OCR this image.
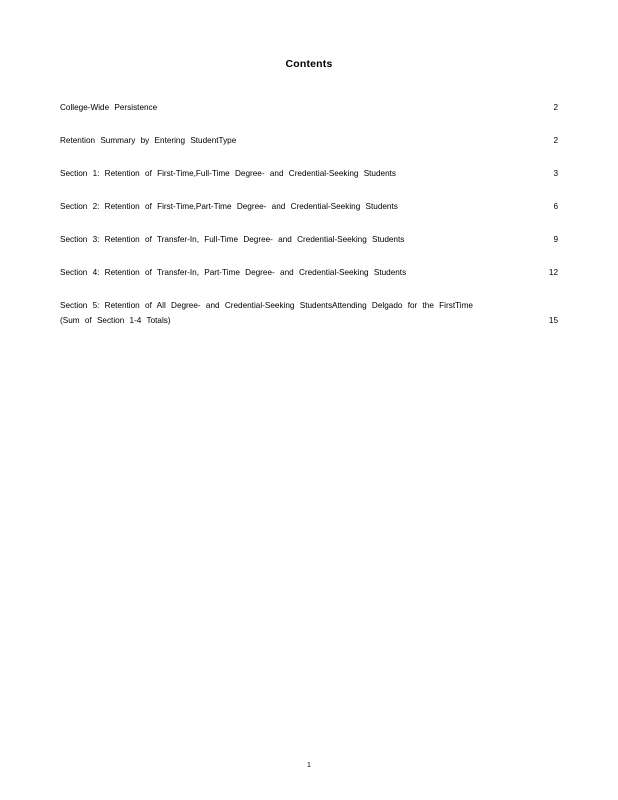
Contents
College-Wide Persistence	2
Retention Summary by Entering StudentType	2
Section 1: Retention of First-Time,Full-Time Degree- and Credential-Seeking Students	3
Section 2: Retention of First-Time,Part-Time Degree- and Credential-Seeking Students	6
Section 3: Retention of Transfer-In, Full-Time Degree- and Credential-Seeking Students	9
Section 4: Retention of Transfer-In, Part-Time Degree- and Credential-Seeking Students	12
Section 5: Retention of All Degree- and Credential-Seeking StudentsAttending Delgado for the FirstTime (Sum of Section 1-4 Totals)	15
1
